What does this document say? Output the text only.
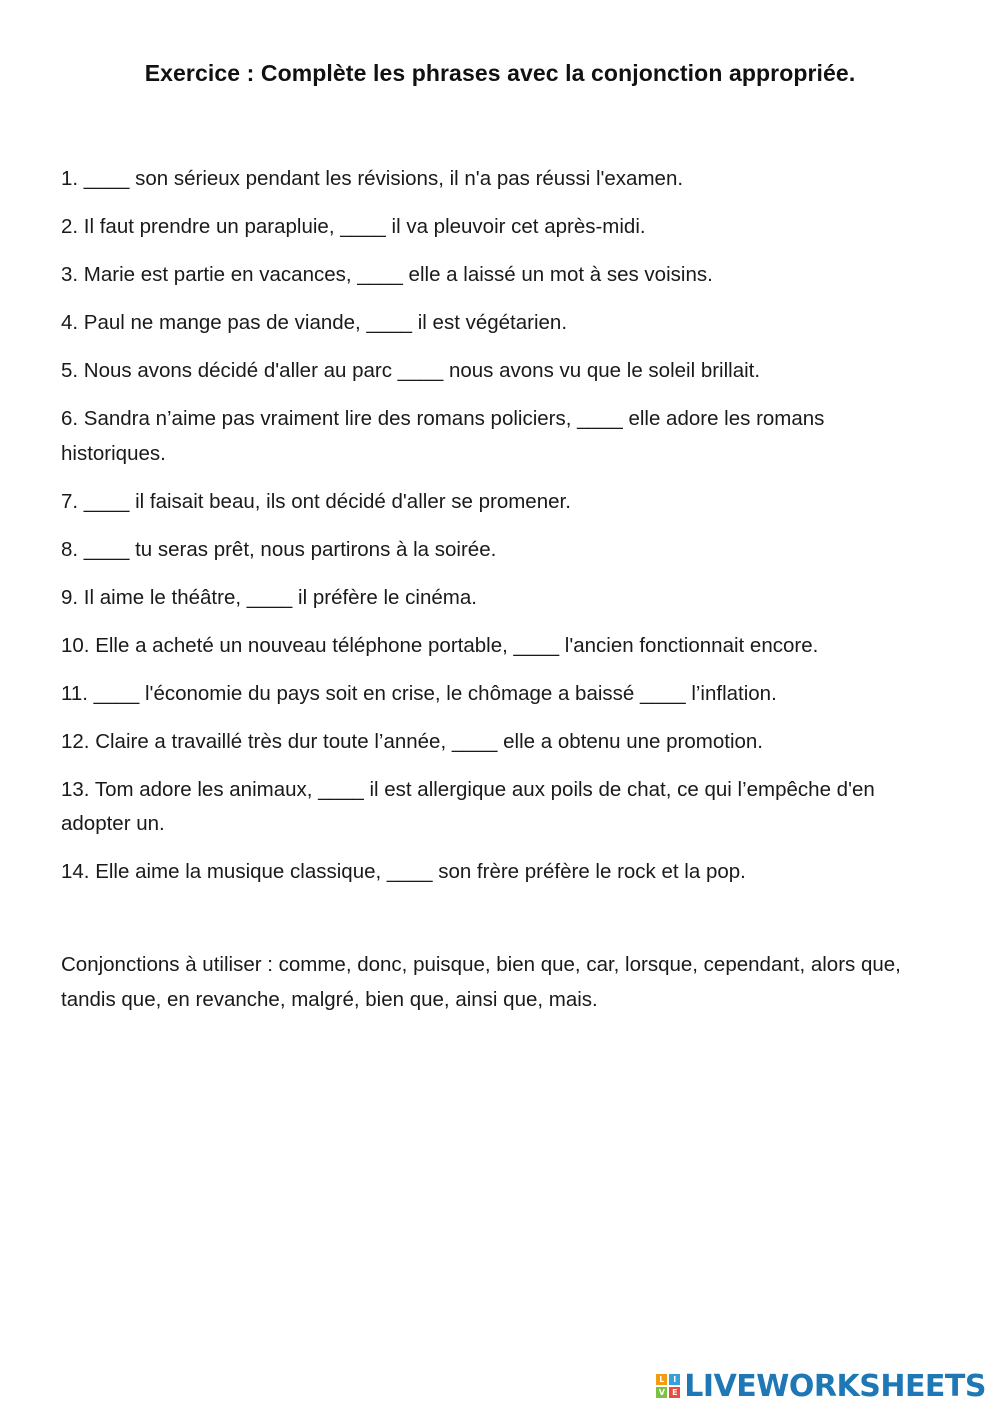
Exercice : Complète les phrases avec la conjonction appropriée.
1. ____ son sérieux pendant les révisions, il n'a pas réussi l'examen.
2. Il faut prendre un parapluie, ____ il va pleuvoir cet après-midi.
3. Marie est partie en vacances, ____ elle a laissé un mot à ses voisins.
4. Paul ne mange pas de viande, ____ il est végétarien.
5. Nous avons décidé d'aller au parc ____ nous avons vu que le soleil brillait.
6. Sandra n’aime pas vraiment lire des romans policiers, ____ elle adore les romans historiques.
7. ____ il faisait beau, ils ont décidé d'aller se promener.
8. ____ tu seras prêt, nous partirons à la soirée.
9. Il aime le théâtre, ____ il préfère le cinéma.
10. Elle a acheté un nouveau téléphone portable, ____ l'ancien fonctionnait encore.
11. ____ l'économie du pays soit en crise, le chômage a baissé ____ l’inflation.
12. Claire a travaillé très dur toute l’année, ____ elle a obtenu une promotion.
13. Tom adore les animaux, ____ il est allergique aux poils de chat, ce qui l’empêche d'en adopter un.
14. Elle aime la musique classique, ____ son frère préfère le rock et la pop.

Conjonctions à utiliser : comme, donc, puisque, bien que, car, lorsque, cependant, alors que, tandis que, en revanche, malgré, bien que, ainsi que, mais.

L	I
V E LIVEWORKSHEETS
